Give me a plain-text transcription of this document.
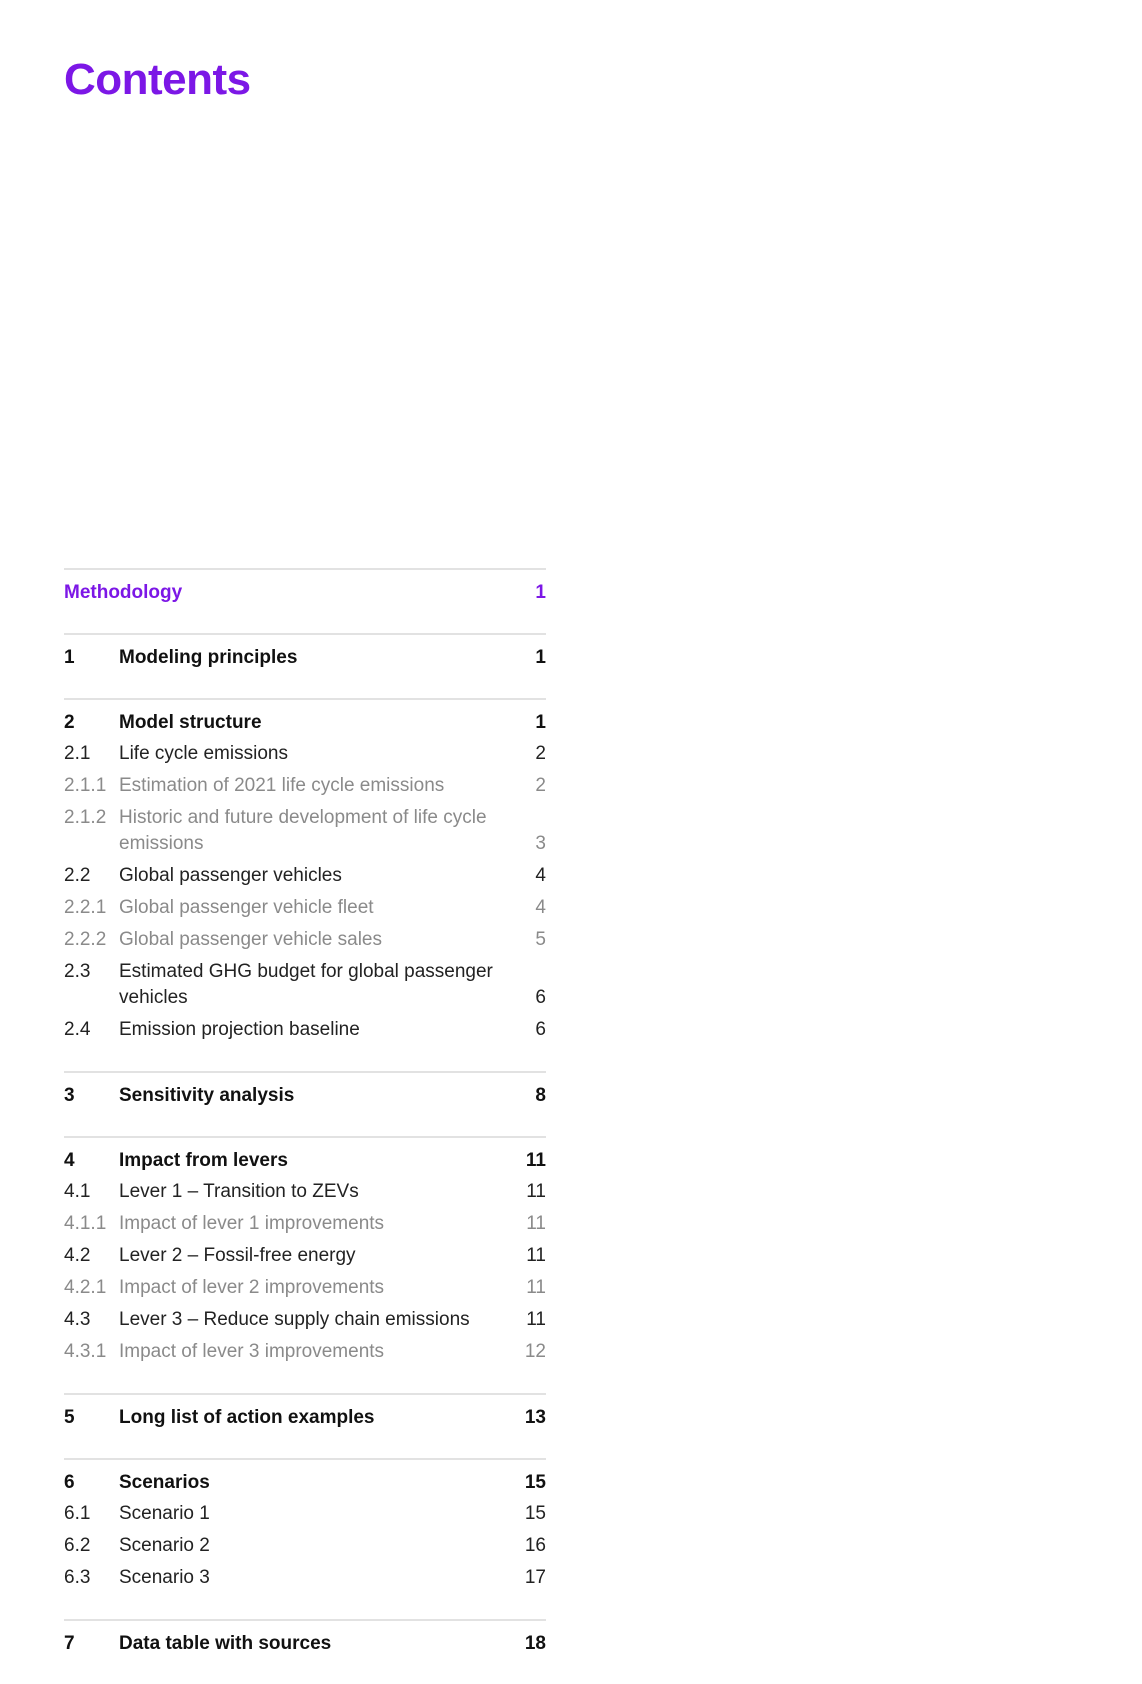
Contents
Methodology	1
1	Modeling principles	1
2	Model structure	1
2.1	Life cycle emissions	2
2.1.1 Estimation of 2021 life cycle emissions	2
2.1.2 Historic and future development of life cycle emissions	3
2.2	Global passenger vehicles	4
2.2.1 Global passenger vehicle fleet	4
2.2.2 Global passenger vehicle sales	5
2.3	Estimated GHG budget for global passenger vehicles	6
2.4	Emission projection baseline	6
3	Sensitivity analysis	8
4	Impact from levers	11
4.1	Lever 1 – Transition to ZEVs	11
4.1.1 Impact of lever 1 improvements	11
4.2	Lever 2 – Fossil-free energy	11
4.2.1 Impact of lever 2 improvements	11
4.3	Lever 3 – Reduce supply chain emissions	11
4.3.1 Impact of lever 3 improvements	12
5	Long list of action examples	13
6	Scenarios	15
6.1	Scenario 1	15
6.2	Scenario 2	16
6.3	Scenario 3	17
7	Data table with sources	18
